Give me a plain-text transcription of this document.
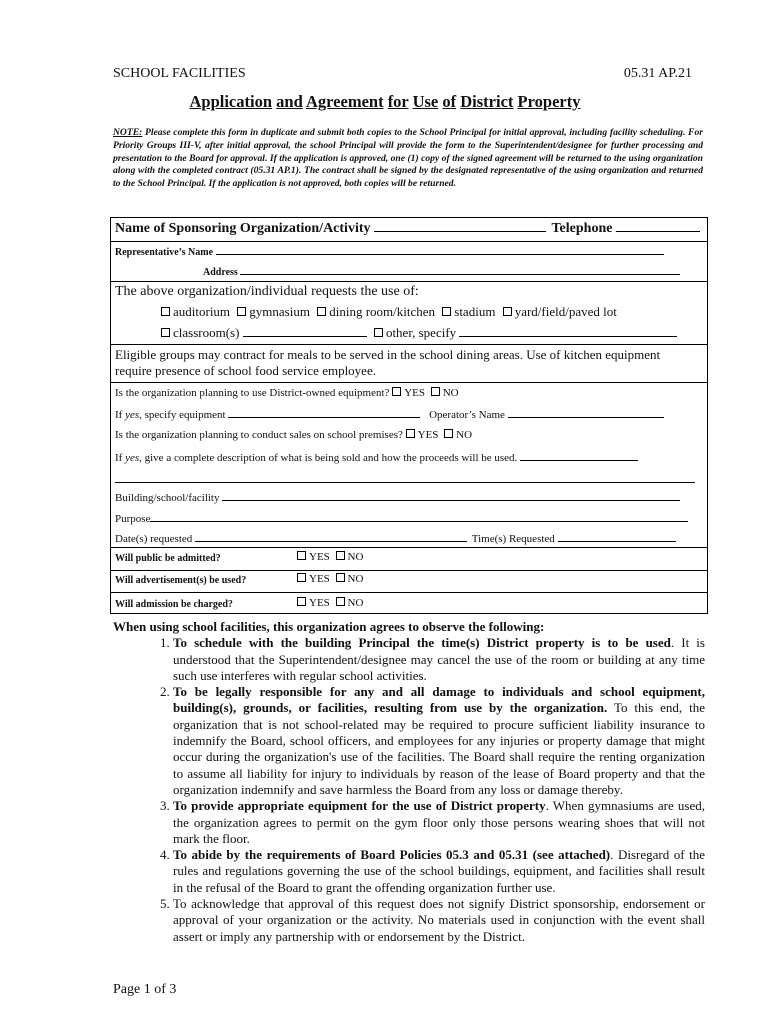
SCHOOL FACILITIES	05.31 AP.21
Application and Agreement for Use of District Property
NOTE: Please complete this form in duplicate and submit both copies to the School Principal for initial approval, including facility scheduling. For Priority Groups III-V, after initial approval, the school Principal will provide the form to the Superintendent/designee for further processing and presentation to the Board for approval. If the application is approved, one (1) copy of the signed agreement will be returned to the using organization along with the completed contract (05.31 AP.1). The contract shall be signed by the designated representative of the using organization and returned to the School Principal. If the application is not approved, both copies will be returned.
Name of Sponsoring Organization/Activity	Telephone
Representative’s Name
Address
The above organization/individual requests the use of:
auditorium gymnasium dining room/kitchen stadium yard/field/paved lot
classroom(s)	other, specify
Eligible groups may contract for meals to be served in the school dining areas. Use of kitchen equipment
require presence of school food service employee.
Is the organization planning to use District-owned equipment? YES NO
If yes, specify equipment	Operator’s Name
Is the organization planning to conduct sales on school premises? YES NO
If yes, give a complete description of what is being sold and how the proceeds will be used.
Building/school/facility
Purpose
Date(s) requested	Time(s) Requested
Will public be admitted?	YES NO
Will advertisement(s) be used?	YES NO
Will admission be charged?	YES NO
When using school facilities, this organization agrees to observe the following:
1. To schedule with the building Principal the time(s) District property is to be used. It is understood that the Superintendent/designee may cancel the use of the room or building at any time such use interferes with regular school activities.
2. To be legally responsible for any and all damage to individuals and school equipment, building(s), grounds, or facilities, resulting from use by the organization. To this end, the organization that is not school-related may be required to procure sufficient liability insurance to indemnify the Board, school officers, and employees for any injuries or property damage that might occur during the organization's use of the facilities. The Board shall require the renting organization to assume all liability for injury to individuals by reason of the lease of Board property and that the organization indemnify and save harmless the Board from any loss or damage thereby.
3. To provide appropriate equipment for the use of District property. When gymnasiums are used, the organization agrees to permit on the gym floor only those persons wearing shoes that will not mark the floor.
4. To abide by the requirements of Board Policies 05.3 and 05.31 (see attached). Disregard of the rules and regulations governing the use of the school buildings, equipment, and facilities shall result in the refusal of the Board to grant the offending organization further use.
5. To acknowledge that approval of this request does not signify District sponsorship, endorsement or approval of your organization or the activity. No materials used in conjunction with the event shall assert or imply any partnership with or endorsement by the District.
Page 1 of 3
